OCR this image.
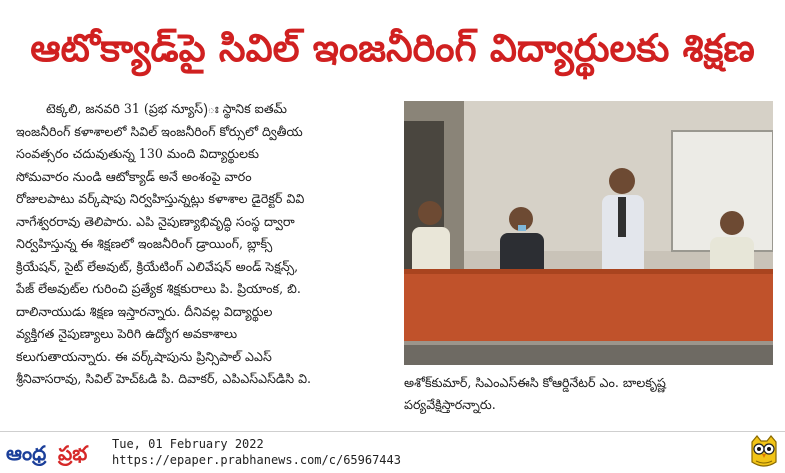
ఆటోక్యాడ్‌పై సివిల్ ఇంజనీరింగ్ విద్యార్థులకు శిక్షణ
టెక్కలి, జనవరి 31 (ప్రభ న్యూస్)ః స్థానిక ఐతమ్
ఇంజనీరింగ్ కళాశాలలో సివిల్ ఇంజనీరింగ్ కోర్సులో ద్వితీయ
సంవత్సరం చదువుతున్న 130 మంది విద్యార్థులకు
సోమవారం నుండి ఆటోక్యాడ్ అనే అంశంపై వారం
రోజులపాటు వర్క్‌షాపు నిర్వహిస్తున్నట్లు కళాశాల డైరెక్టర్ వివి
నాగేశ్వరరావు తెలిపారు. ఎపి నైపుణ్యాభివృద్ధి సంస్థ ద్వారా
నిర్వహిస్తున్న ఈ శిక్షణలో ఇంజనీరింగ్ డ్రాయింగ్, బ్లాక్స్
క్రియేషన్, సైట్ లేఅవుట్, క్రియేటింగ్ ఎలివేషన్ అండ్ సెక్షన్స్,
పేజ్ లేఅవుట్‌ల గురించి ప్రత్యేక శిక్షకురాలు పి. ప్రియాంక, బి.
దాలినాయుడు శిక్షణ ఇస్తారన్నారు. దీనివల్ల విద్యార్థుల
వ్యక్తిగత నైపుణ్యాలు పెరిగి ఉద్యోగ అవకాశాలు
కలుగుతాయన్నారు. ఈ వర్క్‌షాపును ప్రిన్సిపాల్ ఎఎస్
శ్రీనివాసరావు, సివిల్ హెచ్‌ఓడి పి. దివాకర్, ఎపిఎస్ఎస్‌డిసి వి.	అశోక్‌కుమార్, సిఎంఎస్ఈసి కోఆర్డినేటర్ ఎం. బాలకృష్ణ
పర్యవేక్షిస్తారన్నారు.
ఆంధ్ర ప్రభ Tue, 01 February 2022
https://epaper.prabhanews.com/c/65967443
